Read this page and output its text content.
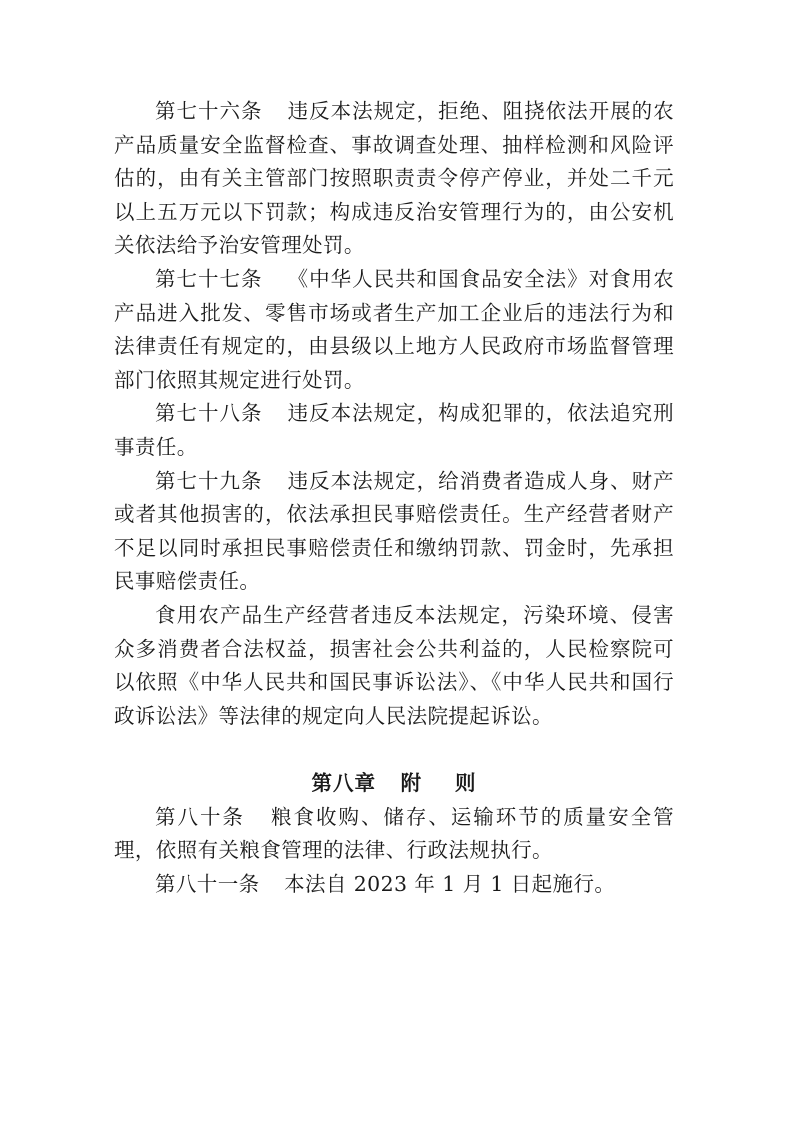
第七十六条 违反本法规定，拒绝、阻挠依法开展的农产品质量安全监督检查、事故调查处理、抽样检测和风险评估的，由有关主管部门按照职责责令停产停业，并处二千元以上五万元以下罚款；构成违反治安管理行为的，由公安机关依法给予治安管理处罚。

第七十七条 《中华人民共和国食品安全法》对食用农产品进入批发、零售市场或者生产加工企业后的违法行为和法律责任有规定的，由县级以上地方人民政府市场监督管理部门依照其规定进行处罚。

第七十八条 违反本法规定，构成犯罪的，依法追究刑事责任。

第七十九条 违反本法规定，给消费者造成人身、财产或者其他损害的，依法承担民事赔偿责任。生产经营者财产不足以同时承担民事赔偿责任和缴纳罚款、罚金时，先承担民事赔偿责任。

食用农产品生产经营者违反本法规定，污染环境、侵害众多消费者合法权益，损害社会公共利益的，人民检察院可以依照《中华人民共和国民事诉讼法》、《中华人民共和国行政诉讼法》等法律的规定向人民法院提起诉讼。

第八章 附 则

第八十条 粮食收购、储存、运输环节的质量安全管理，依照有关粮食管理的法律、行政法规执行。

第八十一条 本法自 2023 年 1 月 1 日起施行。
